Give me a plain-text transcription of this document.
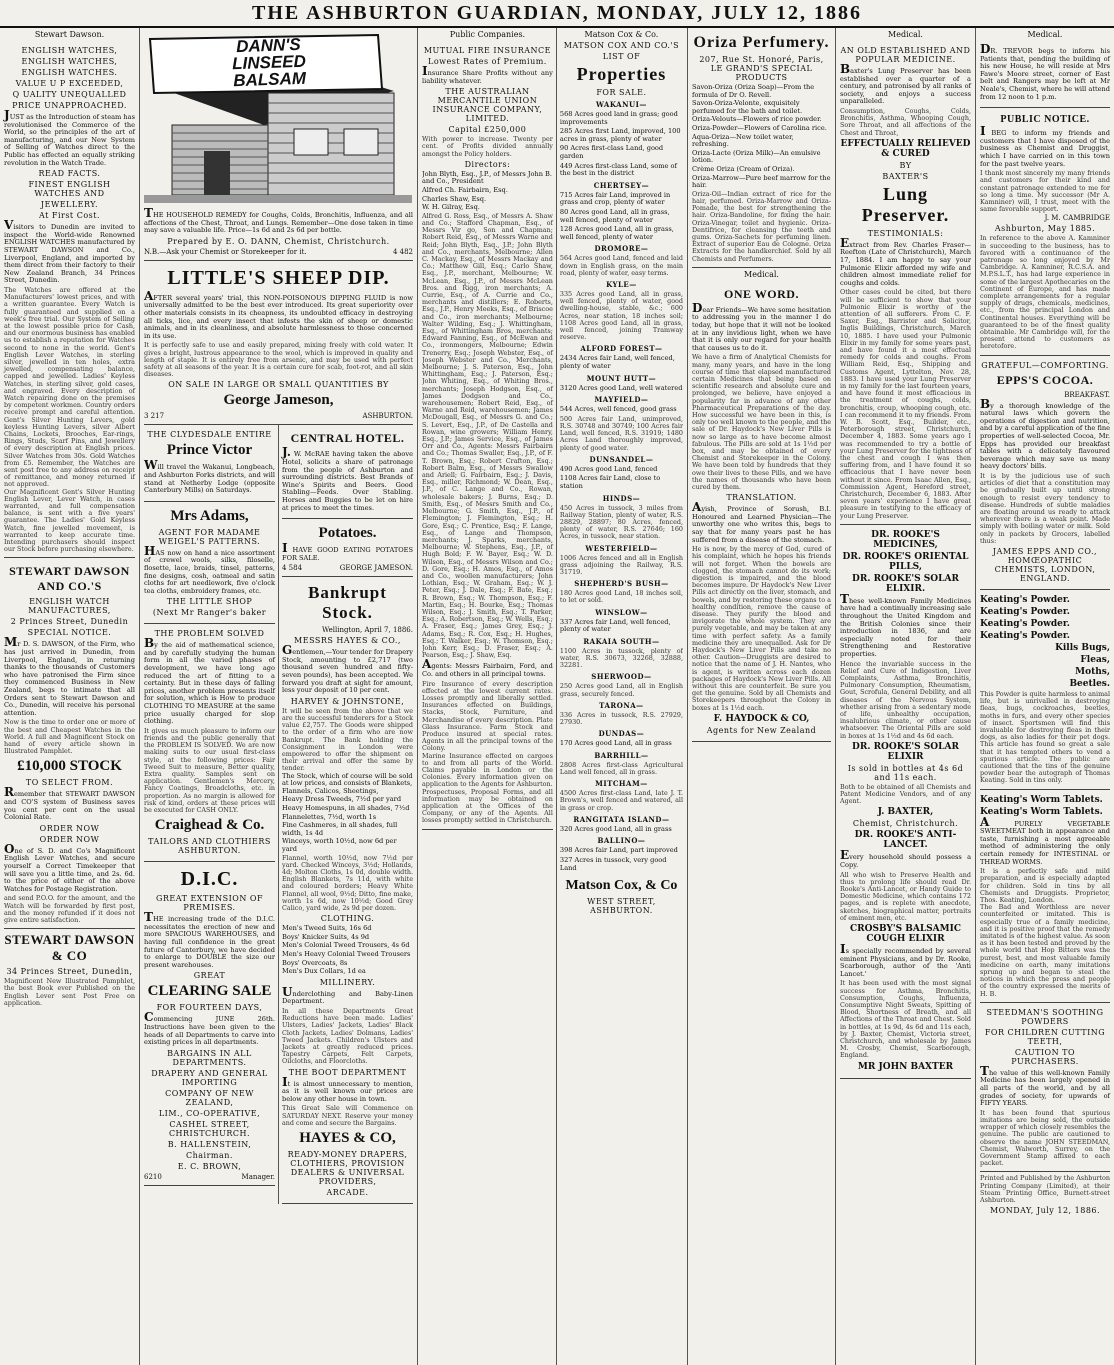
THE ASHBURTON GUARDIAN, MONDAY, JULY 12, 1886
Stewart Dawson.
ENGLISH WATCHES,
ENGLISH WATCHES,
ENGLISH WATCHES.
VALUE U P EXCEEDED,
Q UALITY UNEQUALLED
PRICE UNAPPROACHED.

JUST as the Introduction of steam has revolutionised the Commerce of the World, so the principles of the art of manufacturing, and our New System of Selling of Watches direct to the Public has effected an equally striking revolution in the Watch Trade.

READ FACTS.
FINEST ENGLISH WATCHES AND
JEWELLERY.
At First Cost.

Visitors to Dunedin are invited to inspect the World-wide Renowned ENGLISH WATCHES manufactured by STEWART DAWSON and Co., Liverpool, England, and imported by them direct from their factory to their New Zealand Branch, 34 Princes Street, Dunedin.

The Watches are offered at the Manufacturers' lowest prices, and with a written guarantee. Every Watch is fully guaranteed and supplied on a week's free trial. Our System of Selling at the lowest possible price for Cash, and our enormous business has enabled us to establish a reputation for Watches second to none in the world. Gent's English Lever Watches, in sterling silver, jewelled in ten holes, extra jewelled, compensating balance, capped and jewelled. Ladies' Keyless Watches, in sterling silver, gold cases, and engraved. Every description of Watch repairing done on the premises by competent workmen. Country orders receive prompt and careful attention. Gent's Silver Hunting Levers, gold keyless Hunting Levers, silver Albert Chains, Lockets, Brooches, Ear-rings, Rings, Studs, Scarf Pins, and Jewellery of every description at English prices. Silver Watches from 30s. Gold Watches from £5. Remember, the Watches are sent post free to any address on receipt of remittance, and money returned if not approved.

Our Magnificent Gent's Silver Hunting English Lever, Lever Watch, in cases warranted, and full compensation balance, is sent with a five years' guarantee. The Ladies' Gold Keyless Watch, fine jewelled movement, is warranted to keep accurate time. Intending purchasers should inspect our Stock before purchasing elsewhere.

STEWART DAWSON AND CO.'S
ENGLISH WATCH MANUFACTURES,
2 Princes Street, Dunedin
SPECIAL NOTICE.

Mr D. S. DAWSON, of the Firm, who has just arrived in Dunedin, from Liverpool, England, in returning thanks to the thousands of Customers who have patronised the Firm since they commenced Business in New Zealand, begs to intimate that all Orders sent to Stewart Dawson and Co., Dunedin, will receive his personal attention.

Now is the time to order one or more of the best and Cheapest Watches in the World. A full and Magnificent Stock on hand of every article shown in Illustrated Pamphlet.

£10,000 STOCK
TO SELECT FROM.

Remember that STEWART DAWSON and CO'S system of Business saves you cent per cent on the usual Colonial Rate.

ORDER NOW
ORDER NOW

One of S. D. and Co's Magnificent English Lever Watches, and secure yourself a Correct Timekeeper that will save you a little time, and 2s. 6d. to the price of either of the above Watches for Postage Registration.

and send P.O.O. for the amount, and the Watch will be forwarded by first post, and the money refunded if it does not give entire satisfaction.

STEWART DAWSON & CO
34 Princes Street, Dunedin,

Magnificent New Illustrated Pamphlet, the best Book ever Published on the English Lever sent Post Free on application.

DANN'S
LINSEED
BALSAM

THE HOUSEHOLD REMEDY for Coughs, Colds, Bronchitis, Influenza, and all affections of the Chest, Throat, and Lungs. Remember—One dose taken in time may save a valuable life. Price—1s 6d and 2s 6d per bottle.

Prepared by E. O. DANN, Chemist, Christchurch.
N.B.—Ask your Chemist or Storekeeper for it.	4 482
LITTLE'S SHEEP DIP.

AFTER several years' trial, this NON-POISONOUS DIPPING FLUID is now universally admitted to be the best ever introduced. Its great superiority over other materials consists in its cheapness, its undoubted efficacy in destroying all ticks, lice, and every insect that infests the skin of sheep or domestic animals, and in its cleanliness, and absolute harmlessness to those concerned in its use.

It is perfectly safe to use and easily prepared, mixing freely with cold water. It gives a bright, lustrous appearance to the wool, which is improved in quality and length of staple. It is entirely free from arsenic, and may be used with perfect safety at all seasons of the year. It is a certain cure for scab, foot-rot, and all skin diseases.

ON SALE IN LARGE OR SMALL QUANTITIES BY
George Jameson,
3 217	ASHBURTON.
THE CLYDESDALE ENTIRE
Prince Victor

Will travel the Wakanui, Longbeach, and Ashburton Forks districts, and will stand at Netherby Lodge (opposite Canterbury Mills) on Saturdays.

Mrs Adams,
AGENT FOR MADAME WEIGEL'S PATTERNS.

HAS now on hand a nice assortment of crewel wools, silks, filoselle, flosette, lace, braids, tinsel, patterns, fine designs, cosh, oatmeal and satin cloths for art needlework, five o'clock tea cloths, embroidery frames, etc.

THE LITTLE SHOP
(Next Mr Ranger's baker
THE PROBLEM SOLVED

By the aid of mathematical science, and by carefully studying the human form in all the varied phases of development, we have long ago reduced the art of fitting to a certainty. But in these days of falling prices, another problem presents itself for solution, which is How to produce CLOTHING TO MEASURE at the same price usually charged for slop clothing.

It gives us much pleasure to inform our friends and the public generally that the PROBLEM IS SOLVED. We are now making suits to our usual first-class style, at the following prices: Fair Tweed Suit to measure, Better quality, Extra quality. Samples sent on application. Gentlemen's Mercery, Fancy Coatings, Broadcloths, etc. in proportion. As no margin is allowed for risk of kind, orders at these prices will be executed for CASH ONLY.

Craighead & Co.
TAILORS AND CLOTHIERS ASHBURTON.
D.I.C.
GREAT EXTENSION OF PREMISES.

THE increasing trade of the D.I.C. necessitates the erection of new and more SPACIOUS WAREHOUSES, and having full confidence in the great future of Canterbury, we have decided to enlarge to DOUBLE the size our present warehouses.

GREAT
CLEARING SALE
FOR FOURTEEN DAYS,

Commencing JUNE 26th. Instructions have been given to the heads of all Departments to carve into existing prices in all departments.

BARGAINS IN ALL DEPARTMENTS.
DRAPERY AND GENERAL IMPORTING
COMPANY OF NEW ZEALAND,
LIM., CO-OPERATIVE,
CASHEL STREET, CHRISTCHURCH.
B. HALLENSTEIN,
Chairman.
E. C. BROWN,
6210	Manager.
CENTRAL HOTEL.

J. W. McRAE having taken the above Hotel, solicits a share of patronage from the people of Ashburton and surrounding districts. Best Brands of Wine's Spirits and Beers. Good Stabling—Feeds. Over Stabling. Horses and Buggies to be let on hire at prices to meet the times.

Potatoes.

I HAVE GOOD EATING POTATOES FOR SALE.

4 584	GEORGE JAMESON.
Bankrupt Stock.
Wellington, April 7, 1886.
MESSRS HAYES & CO.,

Gentlemen,—Your tender for Drapery Stock, amounting to £2,717 (two thousand seven hundred and fifty-seven pounds), has been accepted. We forward you draft at sight for amount, less your deposit of 10 per cent.

HARVEY & JOHNSTONE,

It will be seen from the above that we are the successful tenderers for a Stock value £2,757. The Goods were shipped to the order of a firm who are now Bankrupt. The Bank holding the Consignment in London were empowered to offer the shipment on their arrival and offer the same by tender.

The Stock, which of course will be sold at low prices, and consists of Blankets, Flannels, Calicos, Sheetings,
Heavy Dress Tweeds, 7½d per yard
Heavy Homespuns, in all shades, 7½d
Flannelettes, 7½d, worth 1s
Fine Cashmeres, in all shades, full width, 1s 4d
Winceys, worth 10½d, now 6d per yard

Flannel, worth 10½d, now 7½d per yard. Checked Winceys, 3½d; Hollands, 4d; Molton Cloths, 1s 0d, double width. English Blankets, 7s 11d, with white and coloured borders; Heavy White Flannel, all wool, 9½d; Ditto, fine make, worth 1s 6d, now 10½d; Good Grey Calico, yard wide, 2s 9d per dozen.

CLOTHING.
Men's Tweed Suits, 16s 6d
Boys' Knicker Suits, 4s 9d
Men's Colonial Tweed Trousers, 4s 6d
Men's Heavy Colonial Tweed Trousers
Boys' Overcoats, 8s
Men's Dux Collars, 1d ea
MILLINERY.

Underclothing and Baby-Linen Department.

In all these Departments Great Reductions have been made. Ladies' Ulsters, Ladies' Jackets, Ladies' Black Cloth Jackets, Ladies' Dolmans, Ladies' Tweed Jackets. Children's Ulsters and Jackets at greatly reduced prices. Tapestry Carpets, Felt Carpets, Oilcloths, and Floorcloths.

THE BOOT DEPARTMENT

It is almost unnecessary to mention, as it is well known our prices are below any other house in town.

This Great Sale will Commence on SATURDAY NEXT. Reserve your money and come and secure the Bargains.

HAYES & CO,
READY-MONEY DRAPERS, CLOTHIERS, PROVISION DEALERS & UNIVERSAL PROVIDERS,
ARCADE.
Public Companies.
MUTUAL FIRE INSURANCE
Lowest Rates of Premium.

Insurance Share Profits without any liability whatever.

THE AUSTRALIAN MERCANTILE UNION INSURANCE COMPANY, LIMITED.
Capital £250,000

With power to increase. Twenty per cent. of Profits divided annually amongst the Policy holders.

Directors:
John Blyth, Esq., J.P., of Messrs John B. and Co., President
Alfred Ch. Fairbairn, Esq.
Charles Shaw, Esq.
W. H. Gilray, Esq.

Alfred G. Ross, Esq., of Messrs A. Shaw and Co.; Stafford Chapman, Esq., of Messrs Vir go, Son and Chapman; Robert Reid, Esq., of Messrs Warne and Reid; John Blyth, Esq., J.P.; John Blyth and Co., merchants, Melbourne; Allen C. Mackay, Esq., of Messrs Mackay and Co.; Matthew Gill, Esq.; Carlo Shaw, Esq., J.P., merchant, Melbourne; W. McLean, Esq., J.P., of Messrs McLean Bros. and Rigg, iron merchants; A. Currie, Esq., of A. Currie and Co., merchants and distillers; E. Roberts, Esq., J.P., Henry Meeks, Esq., of Briscoe and Co., iron merchants; Melbourne; Walter Wilding, Esq.; J. Whittingham, Esq., of Whittingham Bros, merchants; Edward Fanning, Esq., of McEwan and Co., ironmongers, Melbourne; Edwin Trenerry, Esq.; Joseph Webster, Esq., of Joseph Webster and Co., Merchants, Melbourne; J. S. Paterson, Esq., John Whittingham, Esq.; J. Paterson, Esq.; John Whiting, Esq., of Whiting Bros., merchants; Joseph Hodgson, Esq., of James Dodgson and Co., warehousemen; Robert Reid, Esq., of Warne and Reid, warehousemen; James McDougall, Esq., of Messrs G. and Co.; S. Levert, Esq., J.P., of De Castella and Rowan, wine growers; William Henry, Esq., J.P.; James Service, Esq., of James Orr and Co., Agents: Messrs Fairbairn and Co.; Thomas Swaller, Esq., J.P., of F. T. Brown, Esq.; Robert Crafton, Esq.; Robert Balm, Esq., of Messrs Swallow and Ariell; G. Fairbairn, Esq.; J. Davis, Esq., miller, Richmond; W. Dean, Esq., J.P., of C. Lange and Co., Rowan, wholesale bakers; J. Burns, Esq.; D. Smith, Esq., of Messrs Smith and Co., Melbourne; G. Smith, Esq., J.P., of Flemington; J. Flemington, Esq.; H. Gore, Esq.; C. Prentice, Esq.; F. Lange, Esq., of Lange and Thompson, merchants; J. Sparks, merchants, Melbourne; W. Stephens, Esq., J.P., of Hugh Bold; F. W. Bayer, Esq.; W. D. Wilson, Esq., of Messrs Wilson and Co.; D. Gore, Esq.; H. Amos, Esq., of Amos and Co., woollen manufacturers; John Lothian, Esq.; W. Graham, Esq.; W. J. Peter, Esq.; J. Dale, Esq.; F. Bate, Esq.; R. Brown, Esq.; W. Thompson, Esq.; F. Martin, Esq.; H. Bourke, Esq.; Thomas Wilson, Esq.; J. Smith, Esq.; T. Parker, Esq.; A. Robertson, Esq.; W. Wells, Esq.; A. Fraser, Esq.; James Grey, Esq.; J. Adams, Esq.; R. Cox, Esq.; H. Hughes, Esq.; T. Walker, Esq.; W. Thomson, Esq.; John Kerr, Esq.; D. Fraser, Esq.; A. Pearson, Esq.; J. Shaw, Esq.

Agents: Messrs Fairbairn, Ford, and Co. and others in all principal towns.

Fire Insurance of every description effected at the lowest current rates. Losses promptly and liberally settled. Insurances effected on Buildings, Stacks, Stock, Furniture, and Merchandise of every description. Plate Glass Insurance. Farm Stock and Produce insured at special rates. Agents in all the principal towns of the Colony.

Marine Insurance effected on cargoes to and from all parts of the World. Claims payable in London or the Colonies. Every information given on application to the Agents for Ashburton.

Prospectuses, Proposal Forms, and all information may be obtained on application at the Offices of the Company, or any of the Agents. All losses promptly settled in Christchurch.

Matson Cox & Co.
MATSON COX AND CO.'S
LIST OF
Properties
FOR SALE.
WAKANUI—

568 Acres good land in grass; good improvements

285 Acres first Land, improved, 100 acres in grass, plenty of water

90 Acres first-class Land, good garden

449 Acres first-class Land, some of the best in the district

CHERTSEY—

715 Acres fair Land, improved in grass and crop, plenty of water

80 Acres good Land, all in grass, well fenced, plenty of water

128 Acres good Land, all in grass, well fenced, plenty of water

DROMORE—

564 Acres good Land, fenced and laid down in English grass, on the main road, plenty of water, easy terms.

KYLE—

335 Acres good Land, all in grass, well fenced, plenty of water, good dwelling-house, stable, &c.; 600 Acres, near station, 18 inches soil; 1108 Acres good Land, all in grass, well fenced, joining Tramway reserve.

ALFORD FOREST—

2434 Acres fair Land, well fenced, plenty of water

MOUNT HUTT—

3120 Acres good Land, well watered

MAYFIELD—

544 Acres, well fenced, good grass

500 Acres fair Land, unimproved, R.S. 30748 and 30749; 100 Acres fair Land, well fenced, R.S. 31919; 1480 Acres Land thoroughly improved, plenty of good water.

DUNSANDEL—

490 Acres good Land, fenced

1108 Acres fair Land, close to station

HINDS—

450 Acres in tussock, 3 miles from Railway Station, plenty of water, R.S. 28829, 28897; 80 Acres, fenced, plenty of water, R.S. 27646; 160 Acres, in tussock, near station.

WESTERFIELD—

1006 Acres fenced and all in English grass adjoining the Railway, R.S. 31719.

SHEPHERD'S BUSH—

180 Acres good Land, 18 inches soil, to let or sold.

WINSLOW—

337 Acres fair Land, well fenced, plenty of water

RAKAIA SOUTH—

1100 Acres in tussock, plenty of water, R.S. 30673, 32268, 32888, 32281.

SHERWOOD—

250 Acres good Land, all in English grass, securely fenced.

TARONA—

336 Acres in tussock, R.S. 27929, 27930.

DUNDAS—

170 Acres good Land, all in grass

BARRHILL—

2808 Acres first-class Agricultural Land well fenced, all in grass.

MITCHAM—

4500 Acres first-class Land, late J. T. Brown's, well fenced and watered, all in grass or crop.

RANGITATA ISLAND—

320 Acres good Land, all in grass

BALLINO—

398 Acres fair Land, part improved

327 Acres in tussock, very good Land

Matson Cox, & Co
WEST STREET, ASHBURTON.
Oriza Perfumery.
207, Rue St. Honoré, Paris, LE GRAND'S SPECIAL PRODUCTS
Savon-Oriza (Oriza Soap)—From the formula of Dr O. Revell.
Savon-Oriza-Velonte, exquisitely perfumed for the bath and toilet.
Oriza-Velouts—Flowers of rice powder.
Oriza-Powder—Flowers of Carolina rice.
Aqua-Oriza—New toilet water, refreshing.
Oriza-Lacte (Oriza Milk)—An emulsive lotion.
Crème Oriza (Cream of Oriza).
Oriza-Marrow—Pure beef marrow for the hair.

Oriza-Oil—Indian extract of rice for the hair, perfumed. Oriza-Marrow and Oriza-Pomade, the best for strengthening the hair. Oriza-Bandoline, for fixing the hair. Oriza-Vinegar, toilet and hygienic. Oriza-Dentifrice, for cleansing the teeth and gums. Oriza-Sachets for perfuming linen. Extract of superior Eau de Cologne. Oriza Extracts for the handkerchief. Sold by all Chemists and Perfumers.

Medical.
ONE WORD.

Dear Friends—We have some hesitation to addressing you in the manner I do today, but hope that it will not be looked at in any invidious light, when we have that it is only our regard for your health that causes us to do it.

We have a firm of Analytical Chemists for many, many years, and have in the long course of time that elapsed manufactured certain Medicines that being based on scientific research and absolute cure and prolonged, we believe, have enjoyed a popularity far in advance of any other Pharmaceutical Preparations of the day. How successful we have been in this, is only too well known to the people, and the sale of Dr. Haydock's New Liver Pills is now so large as to have become almost fabulous. The Pills are sold at 1s 1½d per box, and may be obtained of every Chemist and Storekeeper in the Colony. We have been told by hundreds that they owe their lives to these Pills, and we have the names of thousands who have been cured by them.

TRANSLATION.

Ayish, Province of Sorush, B.I. Honoured and Learned Physician—The unworthy one who writes this, begs to say that for many years past he has suffered from a disease of the stomach.

He is now, by the mercy of God, cured of his complaint, which he hopes his friends will not forget. When the bowels are clogged, the stomach cannot do its work; digestion is impaired, and the blood becomes impure. Dr Haydock's New Liver Pills act directly on the liver, stomach, and bowels, and by restoring these organs to a healthy condition, remove the cause of disease. They purify the blood and invigorate the whole system. They are purely vegetable, and may be taken at any time with perfect safety. As a family medicine they are unequalled. Ask for Dr Haydock's New Liver Pills and take no other. Caution—Druggists are desired to notice that the name of J. H. Nantes, who is agent, is written across each dozen packages of Haydock's New Liver Pills. All without this are counterfeit. Be sure you get the genuine. Sold by all Chemists and Storekeepers throughout the Colony in boxes at 1s 1½d each.

F. HAYDOCK & CO,
Agents for New Zealand
Medical.
AN OLD ESTABLISHED AND POPULAR MEDICINE.

Baxter's Lung Preserver has been established over a quarter of a century, and patronised by all ranks of society, and enjoys a success unparalleled.

Consumption, Coughs, Colds, Bronchitis, Asthma, Whooping Cough, Sore Throat, and all affections of the Chest and Throat,

EFFECTUALLY RELIEVED & CURED
BY
BAXTER'S
Lung Preserver.
TESTIMONIALS:

Extract from Rev. Charles Fraser—Reefton (Late of Christchurch), March 17, 1884. I am happy to say your Pulmonic Elixir afforded my wife and children almost immediate relief for coughs and colds.

Other cases could be cited, but there will be sufficient to show that your Pulmonic Elixir is worthy of the attention of all sufferers. From C. F. Saxer, Esq., Barrister and Solicitor, Inglis Buildings, Christchurch, March 10, 1885. I have used your Pulmonic Elixir in my family for some years past, and have found it a most effectual remedy for colds and coughs. From William Reid, Esq., Shipping and Customs Agent, Lyttelton, Nov. 28, 1883. I have used your Lung Preserver in my family for the last fourteen years, and have found it most efficacious in the treatment of coughs, colds, bronchitis, croup, whooping cough, etc. I can recommend it to my friends. From W. B. Scott, Esq., Builder, etc., Peterborough street, Christchurch, December 4, 1883. Some years ago I was recommended to try a bottle of your Lung Preserver for the tightness of the chest and cough I was then suffering from, and I have found it so efficacious that I have never been without it since. From Isaac Allen, Esq., Commission Agent, Hereford street, Christchurch, December 6, 1883. After seven years' experience I have great pleasure in testifying to the efficacy of your Lung Preserver.

DR. ROOKE'S MEDICINES,
DR. ROOKE'S ORIENTAL PILLS,
DR. ROOKE'S SOLAR ELIXIR.

These well-known Family Medicines have had a continually increasing sale throughout the United Kingdom and the British Colonies since their introduction in 1836, and are especially noted for their Strengthening and Restorative properties.

Hence the invariable success in the Relief and Cure of Indigestion, Liver Complaints, Asthma, Bronchitis, Pulmonary Consumption, Rheumatism, Gout, Scrofula, General Debility, and all diseases of the Nervous System, whether arising from a sedentary mode of life, unhealthy occupation, insalubrious climate, or other cause whatsoever. The Oriental Pills are sold in boxes at 1s 1½d and 4s 6d each.

DR. ROOKE'S SOLAR ELIXIR
Is sold in bottles at 4s 6d and 11s each.

Both to be obtained of all Chemists and Patent Medicine Vendors, and of any Agent.

J. BAXTER,
Chemist, Christchurch.
DR. ROOKE'S ANTI-LANCET.

Every household should possess a Copy.

All who wish to Preserve Health and thus to prolong life should read Dr. Rooke's Anti-Lancet, or Handy Guide to Domestic Medicine, which contains 172 pages, and is replete with anecdote, sketches, biographical matter, portraits of eminent men, etc.

CROSBY'S BALSAMIC COUGH ELIXIR

Is specially recommended by several eminent Physicians, and by Dr. Rooke, Scarborough, author of the 'Anti Lancet.'

It has been used with the most signal success for Asthma, Bronchitis, Consumption, Coughs, Influenza, Consumptive Night Sweats, Spitting of Blood, Shortness of Breath, and all Affections of the Throat and Chest. Sold in bottles, at 1s 9d, 4s 6d and 11s each, by J. Baxter, Chemist, Victoria street, Christchurch, and wholesale by James M. Crosby, Chemist, Scarborough, England.

MR JOHN BAXTER
Medical.

DR. TREVOR begs to inform his Patients that, pending the building of his new House, he will reside at Mrs Fawe's Moore street, corner of East belt and Rangers may be left at Mr Neale's, Chemist, where he will attend from 12 noon to 1 p.m.

PUBLIC NOTICE.

I BEG to inform my friends and customers that I have disposed of the business as Chemist and Druggist, which I have carried on in this town for the past twelve years.

I thank most sincerely my many friends and customers for their kind and constant patronage extended to me for so long a time. My successor (Mr A. Kamniner) will, I trust, meet with the same favorable support.

J. M. CAMBRIDGE
Ashburton, May 1885.

In reference to the above A. Kamniner in succeeding to the business, has to favored with a continuance of the patronage so long enjoyed by Mr Cambridge. A. Kamniner, R.C.S.A. and M.P.S.L.T., has had large experience in some of the largest Apothecaries on the Continent of Europe, and has made complete arrangements for a regular supply of drugs, chemicals, medicines, etc., from the principal London and Continental houses. Everything will be guaranteed to be of the finest quality obtainable. Mr Cambridge will, for the present attend to customers as heretofore.

GRATEFUL—COMFORTING.
EPPS'S COCOA.
BREAKFAST.

By a thorough knowledge of the natural laws which govern the operations of digestion and nutrition, and by a careful application of the fine properties of well-selected Cocoa, Mr. Epps has provided our breakfast tables with a delicately flavoured beverage which may save us many heavy doctors' bills.

It is by the judicious use of such articles of diet that a constitution may be gradually built up until strong enough to resist every tendency to disease. Hundreds of subtle maladies are floating around us ready to attack wherever there is a weak point. Made simply with boiling water or milk. Sold only in packets by Grocers, labelled thus:

JAMES EPPS AND CO., HOMŒOPATHIC CHEMISTS, LONDON, ENGLAND.
Keating's Powder.
Keating's Powder.
Keating's Powder.
Keating's Powder.
Kills Bugs,
Fleas,
Moths,
Beetles.

This Powder is quite harmless to animal life, but is unrivalled in destroying fleas, bugs, cockroaches, beetles, moths in furs, and every other species of insect. Sportsmen will find this invaluable for destroying fleas in their dogs, as also ladies for their pet dogs. This article has found so great a sale that it has tempted others to vend a spurious article. The public are cautioned that the tins of the genuine powder bear the autograph of Thomas Keating. Sold in tins only.

Keating's Worm Tablets.
Keating's Worm Tablets.

A PURELY VEGETABLE SWEETMEAT both in appearance and taste, furnishing a most agreeable method of administering the only certain remedy for INTESTINAL or THREAD WORMS.

It is a perfectly safe and mild preparation, and is especially adapted for children. Sold in tins by all Chemists and Druggists. Proprietor, Thos. Keating, London.

The Bad and Worthless are never counterfeited or imitated. This is especially true of a family medicine, and it is positive proof that the remedy imitated is of the highest value. As soon as it has been tested and proved by the whole world that Hop Bitters was the purest, best, and most valuable family medicine on earth, many imitations sprung up and began to steal the notices in which the press and people of the country expressed the merits of H. B.

STEEDMAN'S SOOTHING POWDERS
FOR CHILDREN CUTTING TEETH,
CAUTION TO PURCHASERS.

The value of this well-known Family Medicine has been largely opened in all parts of the world, and by all grades of society, for upwards of FIFTY YEARS.

It has been found that spurious imitations are being sold, the outside wrapper of which closely resembles the genuine. The public are cautioned to observe the name JOHN STEEDMAN, Chemist, Walworth, Surrey, on the Government Stamp affixed to each packet.

Printed and Published by the Ashburton Printing Company (Limited), at their Steam Printing Office, Burnett-street Ashburton.

MONDAY, July 12, 1886.
